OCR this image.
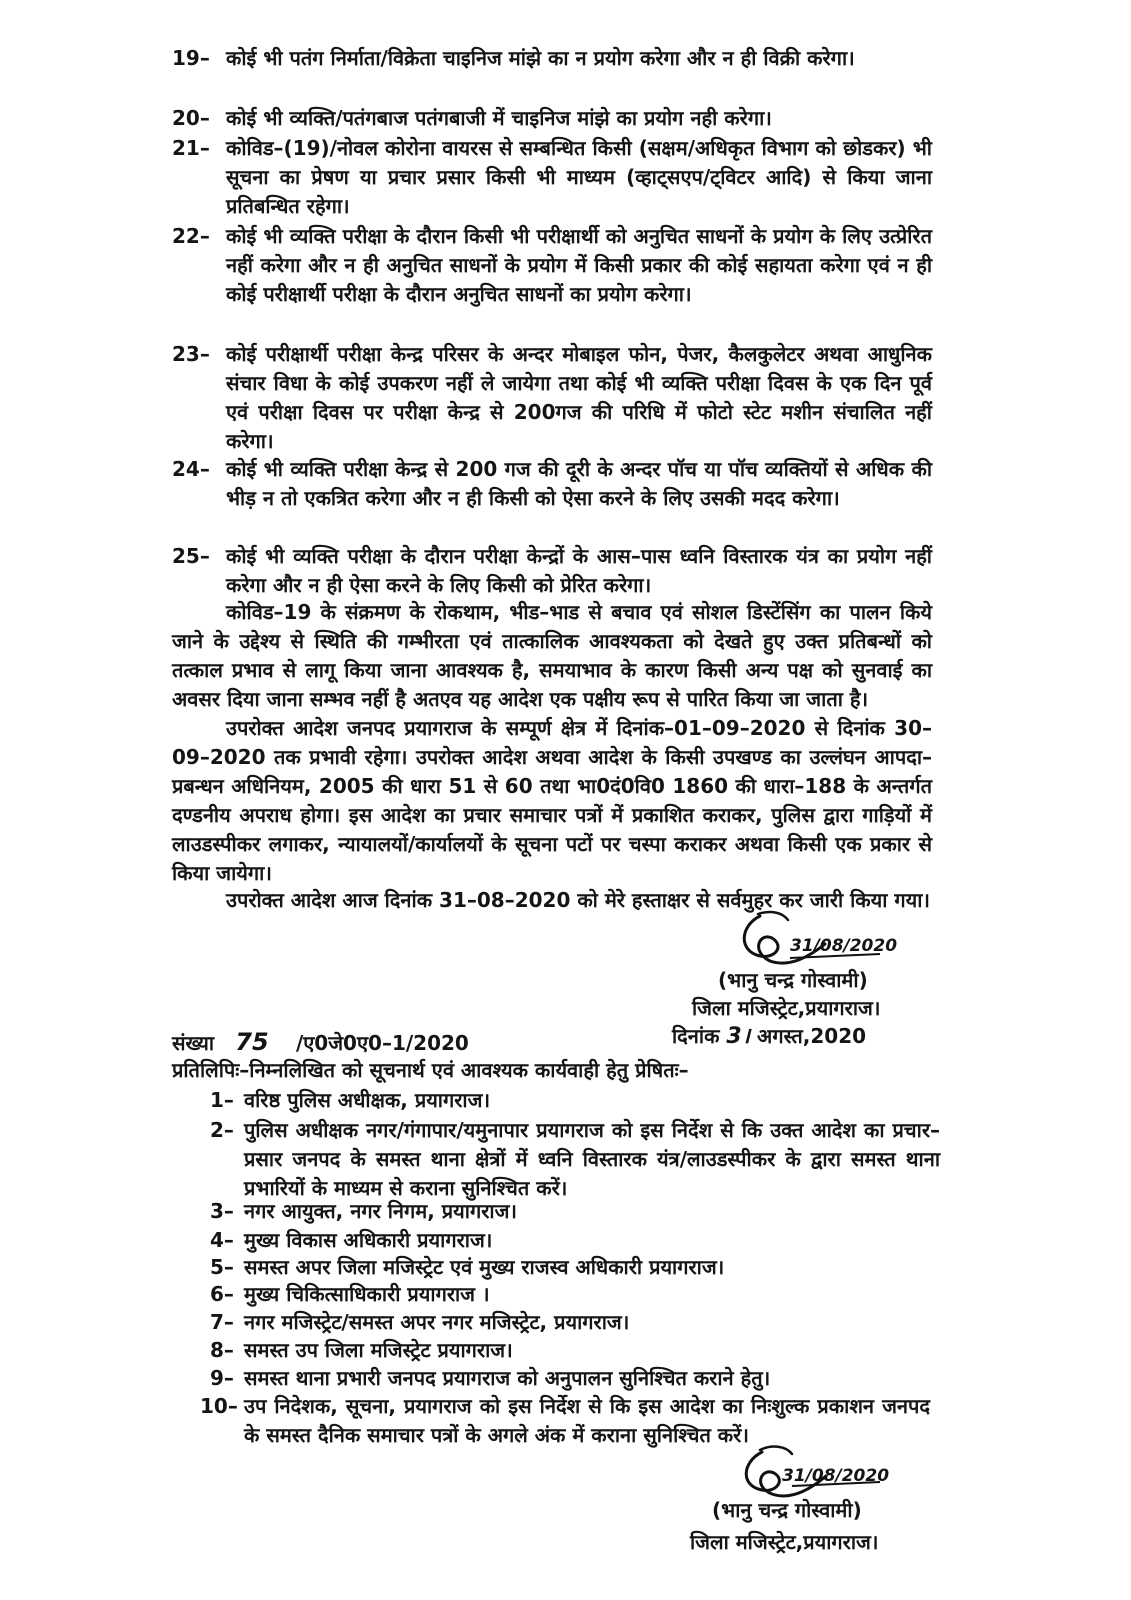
19– कोई भी पतंग निर्माता/विक्रेता चाइनिज मांझे का न प्रयोग करेगा और न ही विक्री करेगा।
20– कोई भी व्यक्ति/पतंगबाज पतंगबाजी में चाइनिज मांझे का प्रयोग नही करेगा।
21– कोविड–(19)/नोवल कोरोना वायरस से सम्बन्धित किसी (सक्षम/अधिकृत विभाग को छोडकर) भी सूचना का प्रेषण या प्रचार प्रसार किसी भी माध्यम (व्हाट्सएप/ट्विटर आदि) से किया जाना प्रतिबन्धित रहेगा।
22– कोई भी व्यक्ति परीक्षा के दौरान किसी भी परीक्षार्थी को अनुचित साधनों के प्रयोग के लिए उत्प्रेरित नहीं करेगा और न ही अनुचित साधनों के प्रयोग में किसी प्रकार की कोई सहायता करेगा एवं न ही कोई परीक्षार्थी परीक्षा के दौरान अनुचित साधनों का प्रयोग करेगा।
23– कोई परीक्षार्थी परीक्षा केन्द्र परिसर के अन्दर मोबाइल फोन, पेजर, कैलकुलेटर अथवा आधुनिक संचार विधा के कोई उपकरण नहीं ले जायेगा तथा कोई भी व्यक्ति परीक्षा दिवस के एक दिन पूर्व एवं परीक्षा दिवस पर परीक्षा केन्द्र से 200गज की परिधि में फोटो स्टेट मशीन संचालित नहीं करेगा।
24– कोई भी व्यक्ति परीक्षा केन्द्र से 200 गज की दूरी के अन्दर पॉच या पॉच व्यक्तियों से अधिक की भीड़ न तो एकत्रित करेगा और न ही किसी को ऐसा करने के लिए उसकी मदद करेगा।
25– कोई भी व्यक्ति परीक्षा के दौरान परीक्षा केन्द्रों के आस–पास ध्वनि विस्तारक यंत्र का प्रयोग नहीं करेगा और न ही ऐसा करने के लिए किसी को प्रेरित करेगा।
कोविड–19 के संक्रमण के रोकथाम, भीड–भाड से बचाव एवं सोशल डिस्टेंसिंग का पालन किये जाने के उद्देश्य से स्थिति की गम्भीरता एवं तात्कालिक आवश्यकता को देखते हुए उक्त प्रतिबन्धों को तत्काल प्रभाव से लागू किया जाना आवश्यक है, समयाभाव के कारण किसी अन्य पक्ष को सुनवाई का अवसर दिया जाना सम्भव नहीं है अतएव यह आदेश एक पक्षीय रूप से पारित किया जा जाता है।
उपरोक्त आदेश जनपद प्रयागराज के सम्पूर्ण क्षेत्र में दिनांक–01–09–2020 से दिनांक 30–09–2020 तक प्रभावी रहेगा। उपरोक्त आदेश अथवा आदेश के किसी उपखण्ड का उल्लंघन आपदा–प्रबन्धन अधिनियम, 2005 की धारा 51 से 60 तथा भा0दं0वि0 1860 की धारा–188 के अन्तर्गत दण्डनीय अपराध होगा। इस आदेश का प्रचार समाचार पत्रों में प्रकाशित कराकर, पुलिस द्वारा गाड़ियों में लाउडस्पीकर लगाकर, न्यायालयों/कार्यालयों के सूचना पटों पर चस्पा कराकर अथवा किसी एक प्रकार से किया जायेगा।
उपरोक्त आदेश आज दिनांक 31–08–2020 को मेरे हस्ताक्षर से सर्वमुहर कर जारी किया गया।
31/08/2020
(भानु चन्द्र गोस्वामी)
जिला मजिस्ट्रेट,प्रयागराज।
संख्या 75 /ए0जे0ए0–1/2020	दिनांक 3। अगस्त,2020
प्रतिलिपिः–निम्नलिखित को सूचनार्थ एवं आवश्यक कार्यवाही हेतु प्रेषितः–
1– वरिष्ठ पुलिस अधीक्षक, प्रयागराज।
2– पुलिस अधीक्षक नगर/गंगापार/यमुनापार प्रयागराज को इस निर्देश से कि उक्त आदेश का प्रचार–प्रसार जनपद के समस्त थाना क्षेत्रों में ध्वनि विस्तारक यंत्र/लाउडस्पीकर के द्वारा समस्त थाना प्रभारियों के माध्यम से कराना सुनिश्चित करें।
3– नगर आयुक्त, नगर निगम, प्रयागराज।
4– मुख्य विकास अधिकारी प्रयागराज।
5– समस्त अपर जिला मजिस्ट्रेट एवं मुख्य राजस्व अधिकारी प्रयागराज।
6– मुख्य चिकित्साधिकारी प्रयागराज ।
7– नगर मजिस्ट्रेट/समस्त अपर नगर मजिस्ट्रेट, प्रयागराज।
8– समस्त उप जिला मजिस्ट्रेट प्रयागराज।
9– समस्त थाना प्रभारी जनपद प्रयागराज को अनुपालन सुनिश्चित कराने हेतु।
10– उप निदेशक, सूचना, प्रयागराज को इस निर्देश से कि इस आदेश का निःशुल्क प्रकाशन जनपद के समस्त दैनिक समाचार पत्रों के अगले अंक में कराना सुनिश्चित करें।
31/08/2020
(भानु चन्द्र गोस्वामी)
जिला मजिस्ट्रेट,प्रयागराज।
